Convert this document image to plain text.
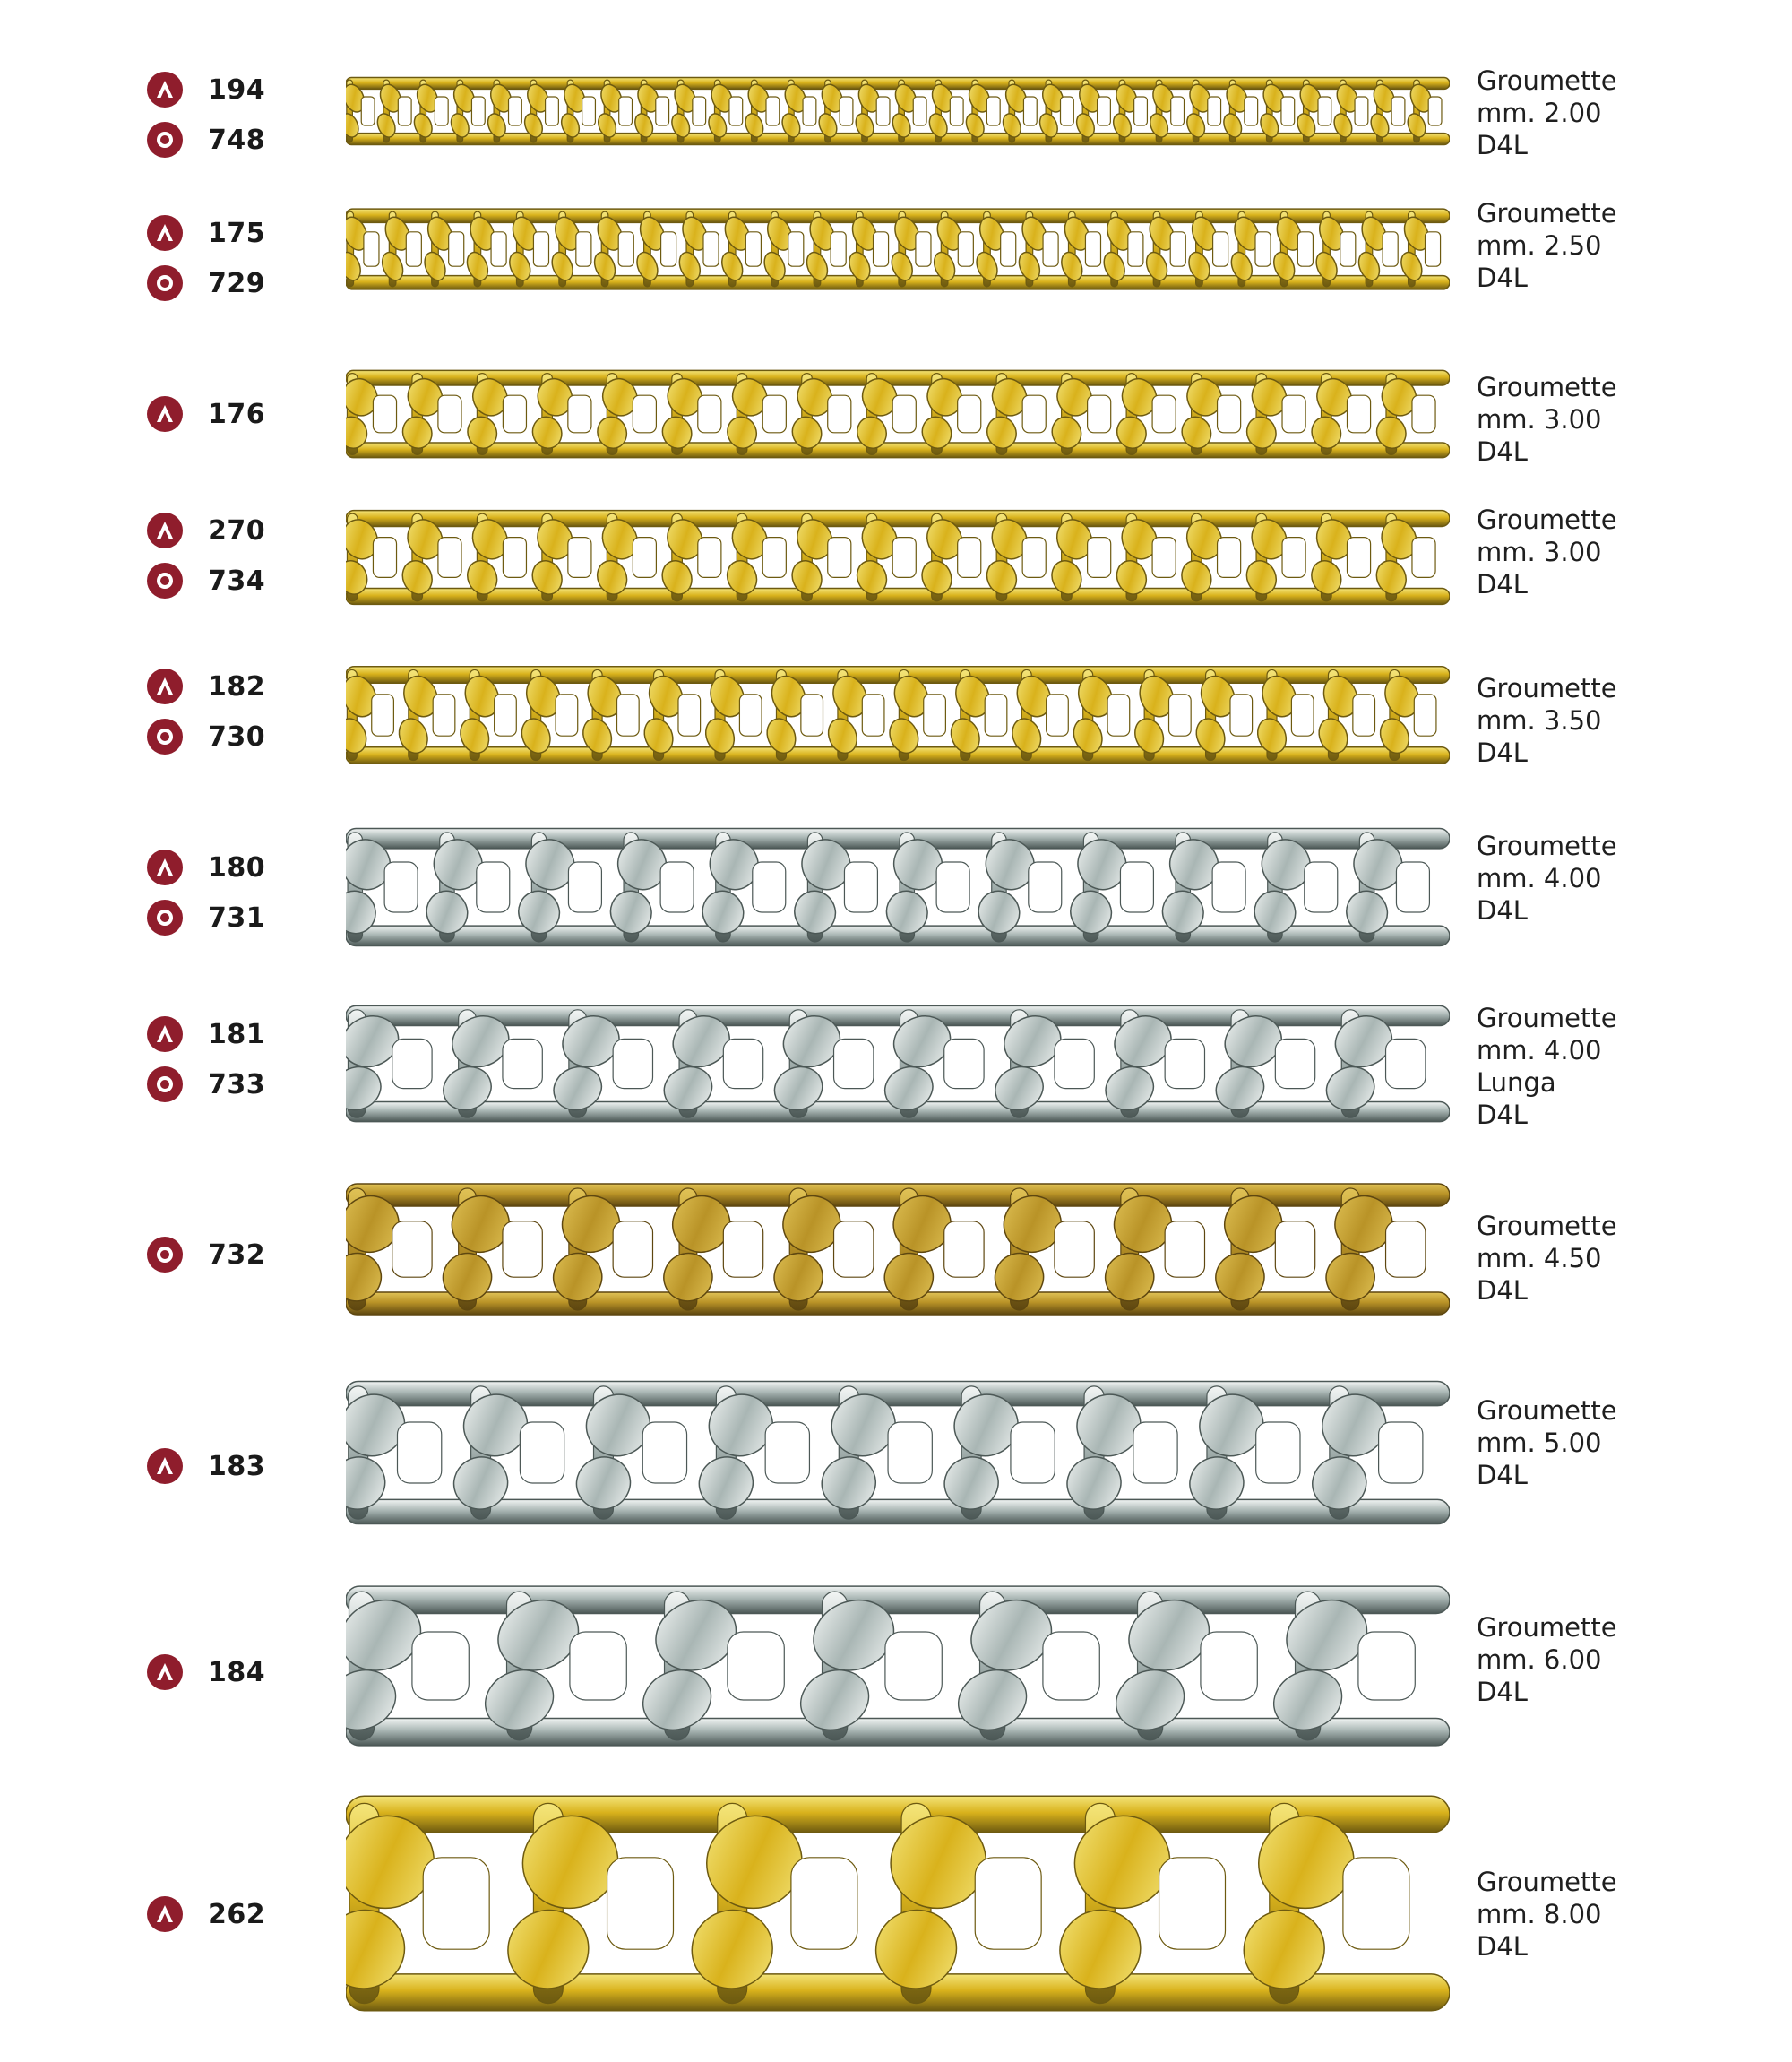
194
748
Groumette
mm. 2.00
D4L
175
729
Groumette
mm. 2.50
D4L
176
Groumette
mm. 3.00
D4L
270
734
Groumette
mm. 3.00
D4L
182
730
Groumette
mm. 3.50
D4L
180
731
Groumette
mm. 4.00
D4L
181
733
Groumette
mm. 4.00
Lunga
D4L
732
Groumette
mm. 4.50
D4L
183
Groumette
mm. 5.00
D4L
184
Groumette
mm. 6.00
D4L
262
Groumette
mm. 8.00
D4L
